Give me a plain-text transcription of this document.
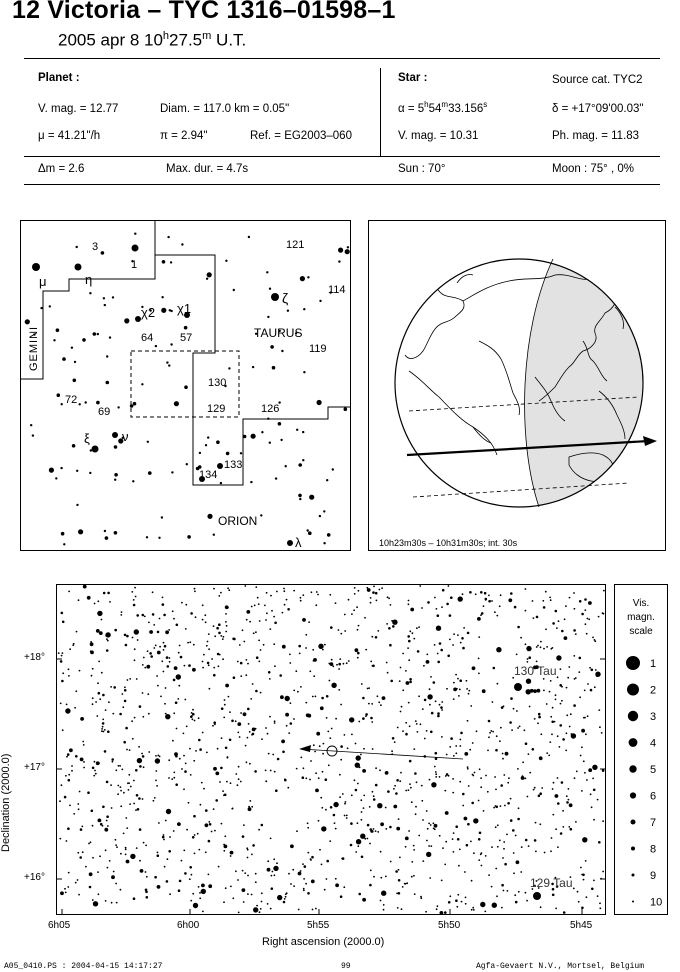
12 Victoria – TYC 1316–01598–1
2005 apr 8 10$^h$27.5$^m$ U.T.
Planet :
V. mag. = 12.77	Diam. = 117.0 km = 0.05"
μ = 41.21"/h	π = 2.94"	Ref. = EG2003–060
Star :	Source cat. TYC2
$\alpha = 5^h54^m33.156^s$	δ = +17°09'00.03"
V. mag. = 10.31	Ph. mag. = 11.83
Δm = 2.6	Max. dur. = 4.7s	Sun : 70°	Moon : 75° , 0%
GEMINI	TAURUS
ORION
3
1
121
μ	η
ζ	114
χ2 χ1
64 57
119
130
72
69	129	126
ξ ν
133
134
λ	10h23m30s – 10h31m30s; int. 30s
Declination (2000.0)
130 Tau
129 Tau
+18°
+17°
+16°
6h05	6h00	5h55	5h50	5h45
Right ascension (2000.0)
Vis.
magn.
scale
1
2
3
4
5
6
7
8
9
10
A05_0410.PS : 2004-04-15 14:17:27	99	Agfa-Gevaert N.V., Mortsel, Belgium
